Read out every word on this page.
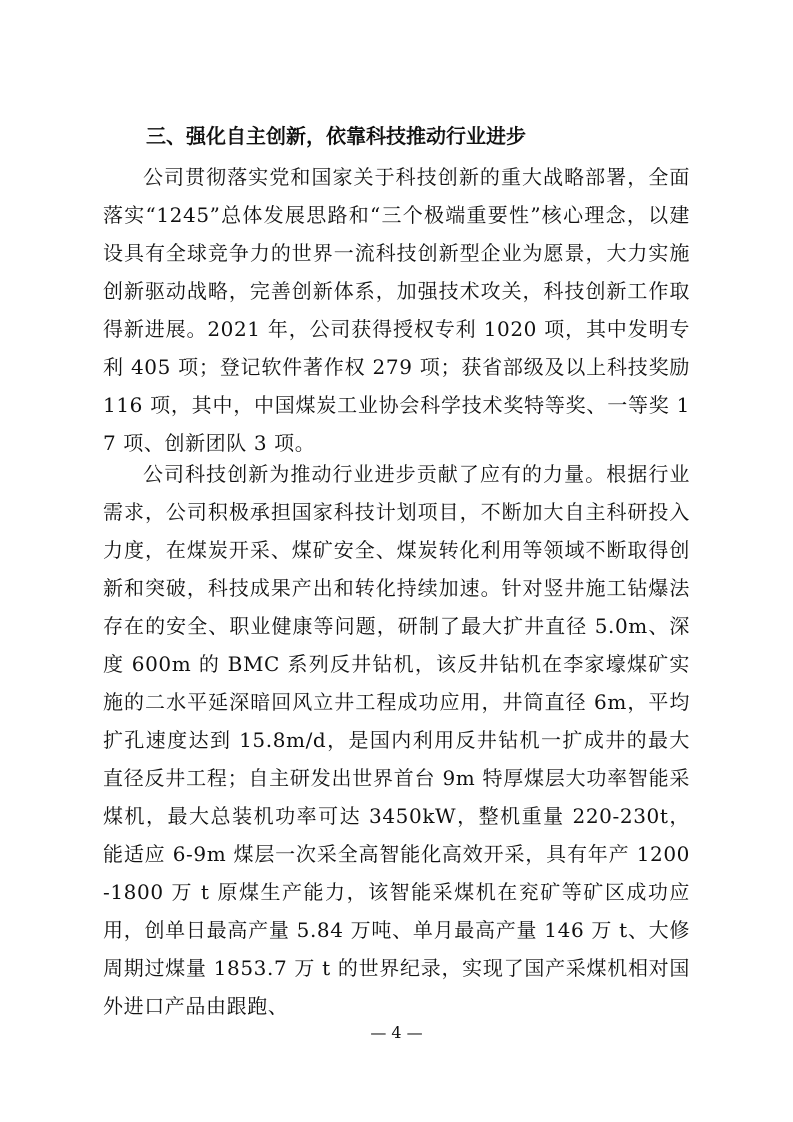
三、强化自主创新，依靠科技推动行业进步

公司贯彻落实党和国家关于科技创新的重大战略部署，全面落实“1245”总体发展思路和“三个极端重要性”核心理念，以建设具有全球竞争力的世界一流科技创新型企业为愿景，大力实施创新驱动战略，完善创新体系，加强技术攻关，科技创新工作取得新进展。2021 年，公司获得授权专利 1020 项，其中发明专利 405 项；登记软件著作权 279 项；获省部级及以上科技奖励 116 项，其中，中国煤炭工业协会科学技术奖特等奖、一等奖 17 项、创新团队 3 项。

公司科技创新为推动行业进步贡献了应有的力量。根据行业需求，公司积极承担国家科技计划项目，不断加大自主科研投入力度，在煤炭开采、煤矿安全、煤炭转化利用等领域不断取得创新和突破，科技成果产出和转化持续加速。针对竖井施工钻爆法存在的安全、职业健康等问题，研制了最大扩井直径 5.0m、深度 600m 的 BMC 系列反井钻机，该反井钻机在李家壕煤矿实施的二水平延深暗回风立井工程成功应用，井筒直径 6m，平均扩孔速度达到 15.8m/d，是国内利用反井钻机一扩成井的最大直径反井工程；自主研发出世界首台 9m 特厚煤层大功率智能采煤机，最大总装机功率可达 3450kW，整机重量 220-230t，能适应 6-9m 煤层一次采全高智能化高效开采，具有年产 1200-1800 万 t 原煤生产能力，该智能采煤机在兖矿等矿区成功应用，创单日最高产量 5.84 万吨、单月最高产量 146 万 t、大修周期过煤量 1853.7 万 t 的世界纪录，实现了国产采煤机相对国外进口产品由跟跑、

— 4 —
